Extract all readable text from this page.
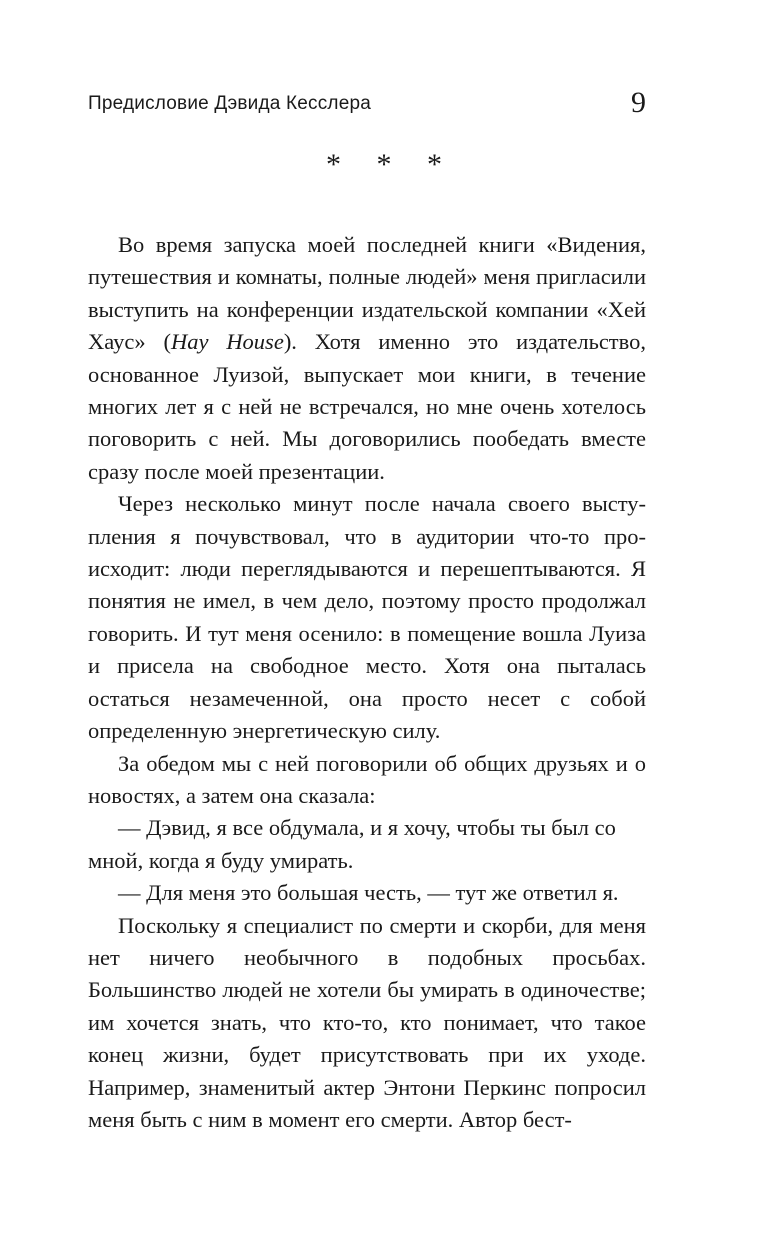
Предисловие Дэвида Кесслера	9
* * *

Во время запуска моей последней книги «Видения, путешествия и комнаты, полные людей» меня пригласили выступить на конференции издательской компании «Хей Хаус» (Hay House). Хотя именно это издательство, основанное Луизой, выпускает мои книги, в течение многих лет я с ней не встречался, но мне очень хотелось поговорить с ней. Мы договорились пообедать вместе сразу после моей презентации.

Через несколько минут после начала своего выступления я почувствовал, что в аудитории что-то происходит: люди переглядываются и перешептываются. Я понятия не имел, в чем дело, поэтому просто продолжал говорить. И тут меня осенило: в помещение вошла Луиза и присела на свободное место. Хотя она пыталась остаться незамеченной, она просто несет с собой определенную энергетическую силу.

За обедом мы с ней поговорили об общих друзьях и о новостях, а затем она сказала:

— Дэвид, я все обдумала, и я хочу, чтобы ты был со мной, когда я буду умирать.

— Для меня это большая честь, — тут же ответил я.

Поскольку я специалист по смерти и скорби, для меня нет ничего необычного в подобных просьбах. Большинство людей не хотели бы умирать в одиночестве; им хочется знать, что кто-то, кто понимает, что такое конец жизни, будет присутствовать при их уходе. Например, знаменитый актер Энтони Перкинс попросил меня быть с ним в момент его смерти. Автор бест-
